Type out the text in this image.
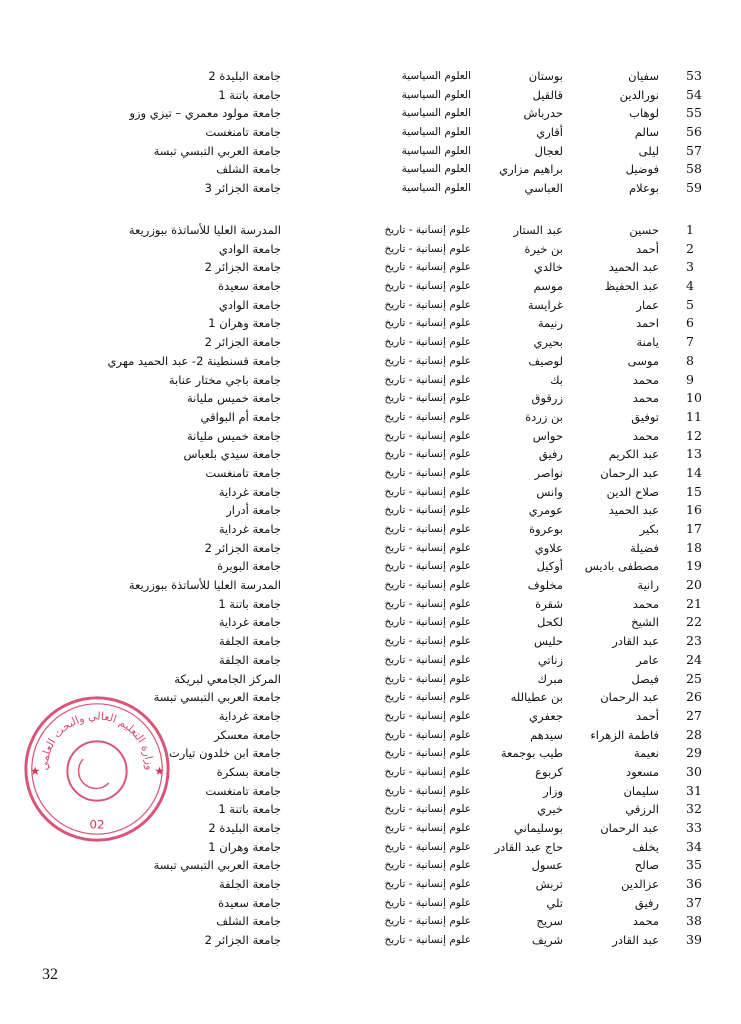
53
سفيان
بوستان
العلوم السياسية
جامعة البليدة 2
54
نورالدين
قالقيل
العلوم السياسية
جامعة باتنة 1
55
لوهاب
حدرباش
العلوم السياسية
جامعة مولود معمري – تيزي وزو
56
سالم
أقاري
العلوم السياسية
جامعة تامنغست
57
ليلى
لعجال
العلوم السياسية
جامعة العربي التبسي تبسة
58
فوضيل
براهيم مزاري
العلوم السياسية
جامعة الشلف
59
بوعلام
العباسي
العلوم السياسية
جامعة الجزائر 3
1
حسين
عبد الستار
علوم إنسانية - تاريخ
المدرسة العليا للأساتذة ببوزريعة
2
أحمد
بن خيرة
علوم إنسانية - تاريخ
جامعة الوادي
3
عبد الحميد
خالدي
علوم إنسانية - تاريخ
جامعة الجزائر 2
4
عبد الحفيظ
موسم
علوم إنسانية - تاريخ
جامعة سعيدة
5
عمار
غرايسة
علوم إنسانية - تاريخ
جامعة الوادي
6
احمد
رنيمة
علوم إنسانية - تاريخ
جامعة وهران 1
7
يامنة
بحيري
علوم إنسانية - تاريخ
جامعة الجزائر 2
8
موسى
لوصيف
علوم إنسانية - تاريخ
جامعة قسنطينة 2- عبد الحميد مهري
9
محمد
بك
علوم إنسانية - تاريخ
جامعة باجي مختار عنابة
10
محمد
زرقوق
علوم إنسانية - تاريخ
جامعة خميس مليانة
11
توفيق
بن زردة
علوم إنسانية - تاريخ
جامعة أم البواقي
12
محمد
حواس
علوم إنسانية - تاريخ
جامعة خميس مليانة
13
عبد الكريم
رفيق
علوم إنسانية - تاريخ
جامعة سيدي بلعباس
14
عبد الرحمان
نواصر
علوم إنسانية - تاريخ
جامعة تامنغست
15
صلاح الدين
وانس
علوم إنسانية - تاريخ
جامعة غرداية
16
عبد الحميد
عومري
علوم إنسانية - تاريخ
جامعة أدرار
17
بكير
بوعروة
علوم إنسانية - تاريخ
جامعة غرداية
18
فضيلة
علاوي
علوم إنسانية - تاريخ
جامعة الجزائر 2
19
مصطفى باديس
أوكيل
علوم إنسانية - تاريخ
جامعة البويرة
20
رانية
مخلوف
علوم إنسانية - تاريخ
المدرسة العليا للأساتذة ببوزريعة
21
محمد
شقرة
علوم إنسانية - تاريخ
جامعة باتنة 1
22
الشيخ
لكحل
علوم إنسانية - تاريخ
جامعة غرداية
23
عبد القادر
حليس
علوم إنسانية - تاريخ
جامعة الجلفة
24
عامر
زناتي
علوم إنسانية - تاريخ
جامعة الجلفة
25
فيصل
مبرك
علوم إنسانية - تاريخ
المركز الجامعي لبريكة
26
عبد الرحمان
بن عطيالله
علوم إنسانية - تاريخ
جامعة العربي التبسي تبسة
27
أحمد
جعفري
علوم إنسانية - تاريخ
جامعة غرداية
28
فاطمة الزهراء
سيدهم
علوم إنسانية - تاريخ
جامعة معسكر
29
نعيمة
طيب بوجمعة
علوم إنسانية - تاريخ
جامعة ابن خلدون تيارت
30
مسعود
كربوع
علوم إنسانية - تاريخ
جامعة بسكرة
31
سليمان
وزار
علوم إنسانية - تاريخ
جامعة تامنغست
32
الرزقي
خيري
علوم إنسانية - تاريخ
جامعة باتنة 1
33
عبد الرحمان
بوسليماني
علوم إنسانية - تاريخ
جامعة البليدة 2
34
يخلف
حاج عبد القادر
علوم إنسانية - تاريخ
جامعة وهران 1
35
صالح
عسول
علوم إنسانية - تاريخ
جامعة العربي التبسي تبسة
36
عزالدين
تربش
علوم إنسانية - تاريخ
جامعة الجلفة
37
رفيق
تلي
علوم إنسانية - تاريخ
جامعة سعيدة
38
محمد
سريج
علوم إنسانية - تاريخ
جامعة الشلف
39
عبد القادر
شريف
علوم إنسانية - تاريخ
جامعة الجزائر 2
وزارة التعليم العالي والبحث العلمي
02
★	★
32
